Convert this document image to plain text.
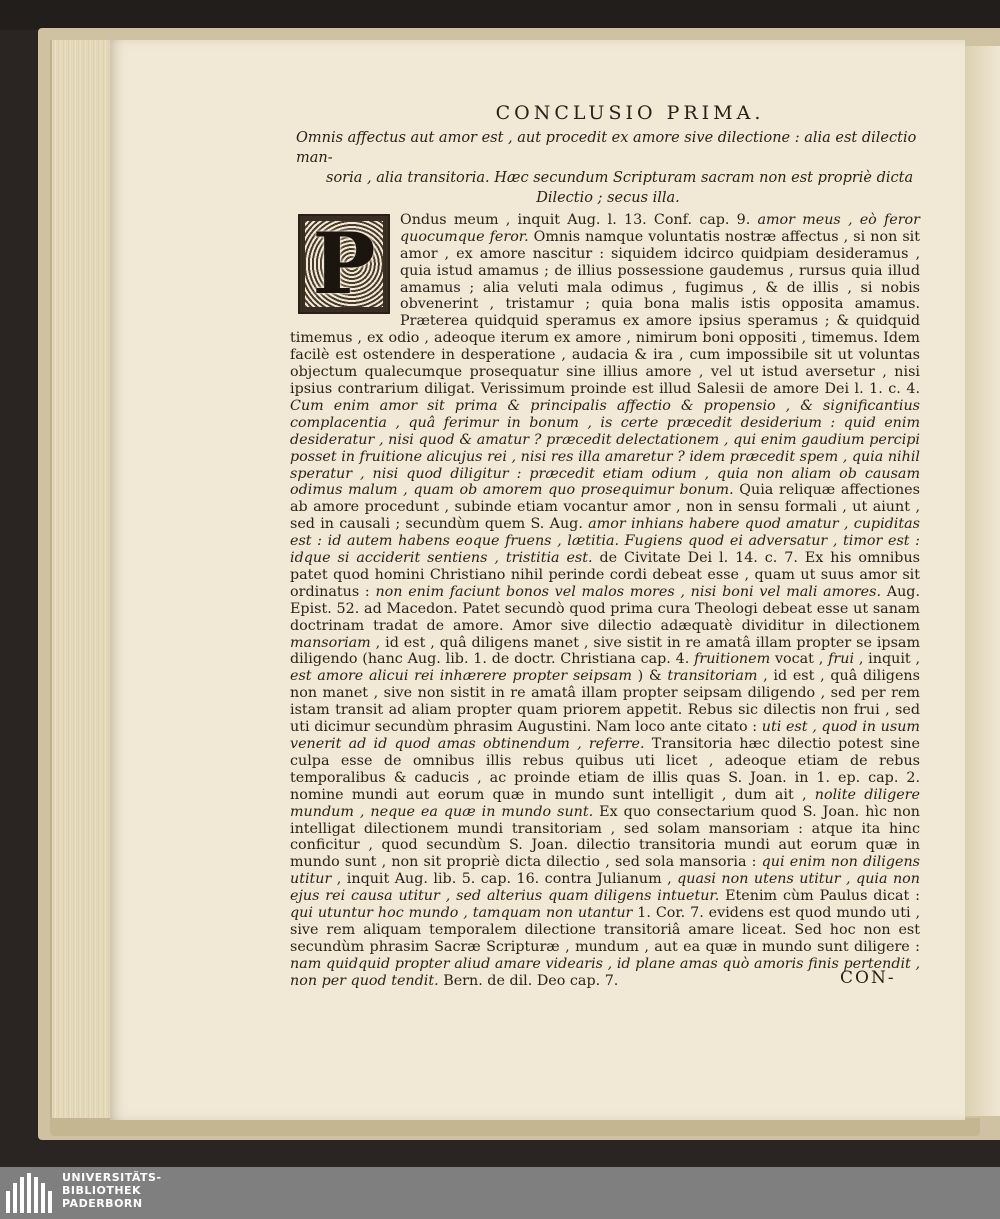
CONCLUSIO PRIMA.
Omnis affectus aut amor est , aut procedit ex amore sive dilectione : alia est dilectio man-
soria , alia transitoria. Hæc secundum Scripturam sacram non est propriè dicta
Dilectio ; secus illa.
P	Ondus meum , inquit Aug. l. 13. Conf. cap. 9. amor meus , eò feror quocumque feror. Omnis namque voluntatis nostræ affectus , si non sit amor , ex amore nascitur : siquidem idcirco quidpiam desideramus , quia istud amamus ; de illius possessione gaudemus , rursus quia illud amamus ; alia veluti mala odimus , fugimus , & de illis , si nobis obvenerint , tristamur ; quia bona malis istis opposita amamus. Præterea quidquid speramus ex amore ipsius speramus ; & quidquid timemus , ex odio , adeoque iterum ex amore , nimirum boni oppositi , timemus. Idem facilè est ostendere in desperatione , audacia & ira , cum impossibile sit ut voluntas objectum qualecumque prosequatur sine illius amore , vel ut istud aversetur , nisi ipsius contrarium diligat. Verissimum proinde est illud Salesii de amore Dei l. 1. c. 4. Cum enim amor sit prima & principalis affectio & propensio , & significantius complacentia , quâ ferimur in bonum , is certe præcedit desiderium : quid enim desideratur , nisi quod & amatur ? præcedit delectationem , qui enim gaudium percipi posset in fruitione alicujus rei , nisi res illa amaretur ? idem præcedit spem , quia nihil speratur , nisi quod diligitur : præcedit etiam odium , quia non aliam ob causam odimus malum , quam ob amorem quo prosequimur bonum. Quia reliquæ affectiones ab amore procedunt , subinde etiam vocantur amor , non in sensu formali , ut aiunt , sed in causali ; secundùm quem S. Aug. amor inhians habere quod amatur , cupiditas est : id autem habens eoque fruens , lætitia. Fugiens quod ei adversatur , timor est : idque si acciderit sentiens , tristitia est. de Civitate Dei l. 14. c. 7. Ex his omnibus patet quod homini Christiano nihil perinde cordi debeat esse , quam ut suus amor sit ordinatus : non enim faciunt bonos vel malos mores , nisi boni vel mali amores. Aug. Epist. 52. ad Macedon. Patet secundò quod prima cura Theologi debeat esse ut sanam doctrinam tradat de amore. Amor sive dilectio adæquatè dividitur in dilectionem mansoriam , id est , quâ diligens manet , sive sistit in re amatâ illam propter se ipsam diligendo (hanc Aug. lib. 1. de doctr. Christiana cap. 4. fruitionem vocat , frui , inquit , est amore alicui rei inhærere propter seipsam ) & transitoriam , id est , quâ diligens non manet , sive non sistit in re amatâ illam propter seipsam diligendo , sed per rem istam transit ad aliam propter quam priorem appetit. Rebus sic dilectis non frui , sed uti dicimur secundùm phrasim Augustini. Nam loco ante citato : uti est , quod in usum venerit ad id quod amas obtinendum , referre. Transitoria hæc dilectio potest sine culpa esse de omnibus illis rebus quibus uti licet , adeoque etiam de rebus temporalibus & caducis , ac proinde etiam de illis quas S. Joan. in 1. ep. cap. 2. nomine mundi aut eorum quæ in mundo sunt intelligit , dum ait , nolite diligere mundum , neque ea quæ in mundo sunt. Ex quo consectarium quod S. Joan. hìc non intelligat dilectionem mundi transitoriam , sed solam mansoriam : atque ita hinc conficitur , quod secundùm S. Joan. dilectio transitoria mundi aut eorum quæ in mundo sunt , non sit propriè dicta dilectio , sed sola mansoria : qui enim non diligens utitur , inquit Aug. lib. 5. cap. 16. contra Julianum , quasi non utens utitur , quia non ejus rei causa utitur , sed alterius quam diligens intuetur. Etenim cùm Paulus dicat : qui utuntur hoc mundo , tamquam non utantur 1. Cor. 7. evidens est quod mundo uti , sive rem aliquam temporalem dilectione transitoriâ amare liceat. Sed hoc non est secundùm phrasim Sacræ Scripturæ , mundum , aut ea quæ in mundo sunt diligere : nam quidquid propter aliud amare videaris , id plane amas quò amoris finis pertendit , non per quod tendit. Bern. de dil. Deo cap. 7.	CON-
UNIVERSITÄTS-
BIBLIOTHEK
PADERBORN
